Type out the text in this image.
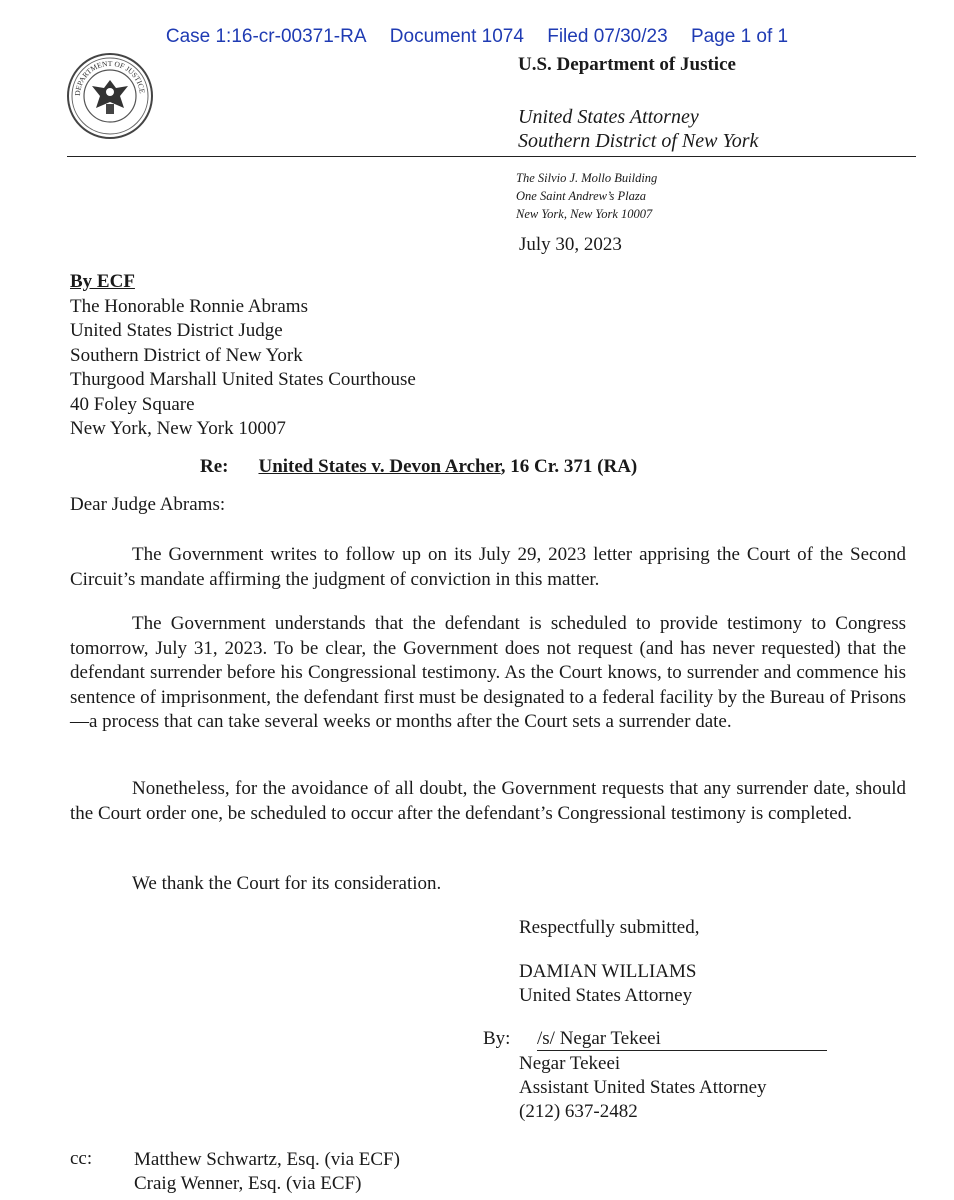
Case 1:16-cr-00371-RA Document 1074 Filed 07/30/23 Page 1 of 1
DEPARTMENT OF JUSTICE
U.S. Department of Justice
United States Attorney
Southern District of New York
The Silvio J. Mollo Building
One Saint Andrew’s Plaza
New York, New York 10007
July 30, 2023
By ECF
The Honorable Ronnie Abrams
United States District Judge
Southern District of New York
Thurgood Marshall United States Courthouse
40 Foley Square
New York, New York 10007
Re: United States v. Devon Archer, 16 Cr. 371 (RA)
Dear Judge Abrams:
The Government writes to follow up on its July 29, 2023 letter apprising the Court of the Second Circuit’s mandate affirming the judgment of conviction in this matter.
The Government understands that the defendant is scheduled to provide testimony to Congress tomorrow, July 31, 2023. To be clear, the Government does not request (and has never requested) that the defendant surrender before his Congressional testimony. As the Court knows, to surrender and commence his sentence of imprisonment, the defendant first must be designated to a federal facility by the Bureau of Prisons—a process that can take several weeks or months after the Court sets a surrender date.
Nonetheless, for the avoidance of all doubt, the Government requests that any surrender date, should the Court order one, be scheduled to occur after the defendant’s Congressional testimony is completed.
We thank the Court for its consideration.
Respectfully submitted,
DAMIAN WILLIAMS
United States Attorney
By: /s/ Negar Tekeei
Negar Tekeei
Assistant United States Attorney
(212) 637-2482
cc: Matthew Schwartz, Esq. (via ECF)
Craig Wenner, Esq. (via ECF)
